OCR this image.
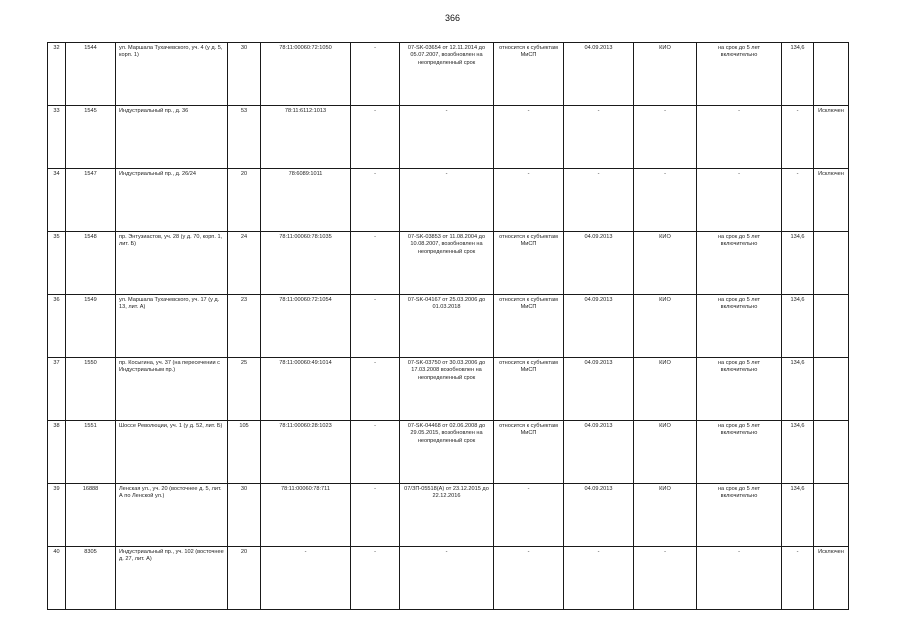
366
32	1544	ул. Маршала Тухачевского, уч. 4 (у д. 5, корп. 1)	30	78:11:00060:72:1050	-	07-SK-03654 от 12.11.2014 до 05.07.2007, возобновлен на неопределенный срок	относится к субъектам МиСП	04.09.2013	КИО	на срок до 5 лет включительно	134,6	
33	1545	Индустриальный пр., д. 36	53	78:11:6112:1013	-	-	-	-	-	-	-	Исключен
34	1547	Индустриальный пр., д. 26/24	20	78:6089:1011	-	-	-	-	-	-	-	Исключен
35	1548	пр. Энтузиастов, уч. 28 (у д. 70, корп. 1, лит. Б)	24	78:11:00060:78:1035	-	07-SK-03853 от 11.08.2004 до 10.08.2007, возобновлен на неопределенный срок	относится к субъектам МиСП	04.09.2013	КИО	на срок до 5 лет включительно	134,6	
36	1549	ул. Маршала Тухачевского, уч. 17 (у д. 13, лит. А)	23	78:11:00060:72:1054	-	07-SK-04167 от 25.03.2006 до 01.03.2018	относится к субъектам МиСП	04.09.2013	КИО	на срок до 5 лет включительно	134,6	
37	1550	пр. Косыгина, уч. 37 (на пересечении с Индустриальным пр.)	25	78:11:00060:49:1014	-	07-SK-03750 от 30.03.2006 до 17.03.2008 возобновлен на неопределенный срок	относится к субъектам МиСП	04.09.2013	КИО	на срок до 5 лет включительно	134,6	
38	1551	Шоссе Революции, уч. 1 (у д. 52, лит. Б)	105	78:11:00060:28:1023	-	07-SK-04468 от 02.06.2008 до 29.05.2015, возобновлен на неопределенный срок	относится к субъектам МиСП	04.09.2013	КИО	на срок до 5 лет включительно	134,6	
39	16888	Ленская ул., уч. 20 (восточнее д. 5, лит. А по Ленской ул.)	30	78:11:00060:78:711	-	07/ЗП-05518(А) от 23.12.2015 до 22.12.2016	-	04.09.2013	КИО	на срок до 5 лет включительно	134,6	
40	8305	Индустриальный пр., уч. 102 (восточнее д. 27, лит. А)	20	-	-	-	-	-	-	-	-	Исключен
